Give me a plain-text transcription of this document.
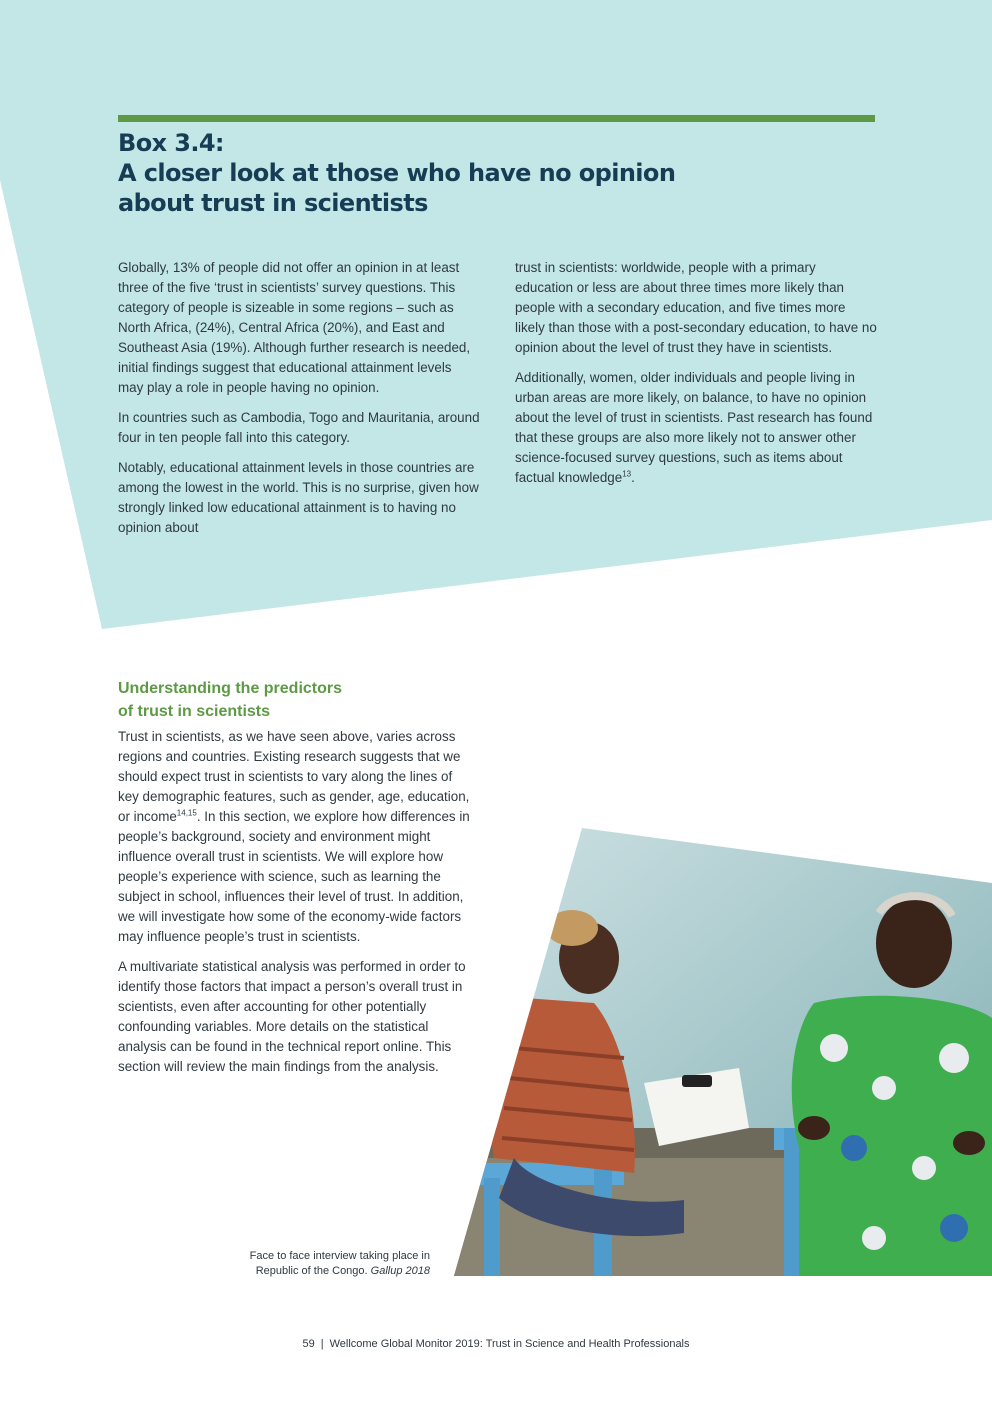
Box 3.4:
A closer look at those who have no opinion
about trust in scientists

Globally, 13% of people did not offer an opinion in at least three of the five ‘trust in scientists’ survey questions. This category of people is sizeable in some regions – such as North Africa, (24%), Central Africa (20%), and East and Southeast Asia (19%). Although further research is needed, initial findings suggest that educational attainment levels may play a role in people having no opinion.

In countries such as Cambodia, Togo and Mauritania, around four in ten people fall into this category.

Notably, educational attainment levels in those countries are among the lowest in the world. This is no surprise, given how strongly linked low educational attainment is to having no opinion about

trust in scientists: worldwide, people with a primary education or less are about three times more likely than people with a secondary education, and five times more likely than those with a post-secondary education, to have no opinion about the level of trust they have in scientists.

Additionally, women, older individuals and people living in urban areas are more likely, on balance, to have no opinion about the level of trust in scientists. Past research has found that these groups are also more likely not to answer other science-focused survey questions, such as items about factual knowledge$^{13}$.

Understanding the predictors
of trust in scientists

Trust in scientists, as we have seen above, varies across regions and countries. Existing research suggests that we should expect trust in scientists to vary along the lines of key demographic features, such as gender, age, education, or income$^{14,15}$. In this section, we explore how differences in people’s background, society and environment might influence overall trust in scientists. We will explore how people’s experience with science, such as learning the subject in school, influences their level of trust. In addition, we will investigate how some of the economy-wide factors may influence people’s trust in scientists.

A multivariate statistical analysis was performed in order to identify those factors that impact a person’s overall trust in scientists, even after accounting for other potentially confounding variables. More details on the statistical analysis can be found in the technical report online. This section will review the main findings from the analysis.

Face to face interview taking place in
Republic of the Congo. Gallup 2018
59 | Wellcome Global Monitor 2019: Trust in Science and Health Professionals
